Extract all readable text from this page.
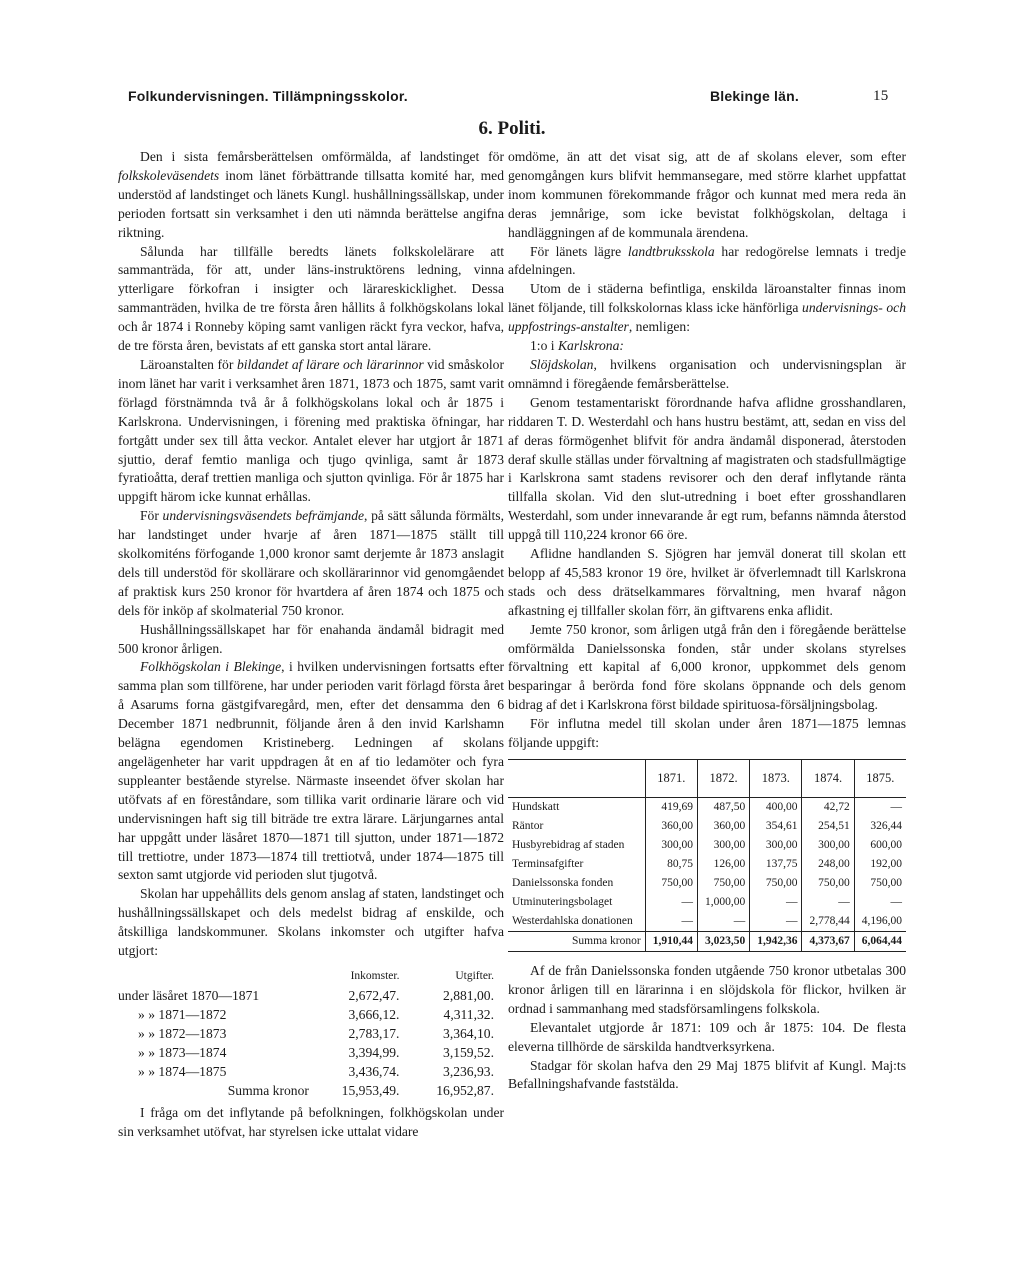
Folkundervisningen. Tillämpningsskolor.	Blekinge län.	15
6. Politi.

Den i sista femårsberättelsen omförmälda, af landstinget för folkskoleväsendets inom länet förbättrande tillsatta komité har, med understöd af landstinget och länets Kungl. hushållningssällskap, under perioden fortsatt sin verksamhet i den uti nämnda berättelse angifna riktning.

Sålunda har tillfälle beredts länets folkskolelärare att sammanträda, för att, under läns-instruktörens ledning, vinna ytterligare förkofran i insigter och lärareskicklighet. Dessa sammanträden, hvilka de tre första åren hållits å folkhögskolans lokal och år 1874 i Ronneby köping samt vanligen räckt fyra veckor, hafva, de tre första åren, bevistats af ett ganska stort antal lärare.

Läroanstalten för bildandet af lärare och lärarinnor vid småskolor inom länet har varit i verksamhet åren 1871, 1873 och 1875, samt varit förlagd förstnämnda två år å folkhögskolans lokal och år 1875 i Karlskrona. Undervisningen, i förening med praktiska öfningar, har fortgått under sex till åtta veckor. Antalet elever har utgjort år 1871 sjuttio, deraf femtio manliga och tjugo qvinliga, samt år 1873 fyratioåtta, deraf trettien manliga och sjutton qvinliga. För år 1875 har uppgift härom icke kunnat erhållas.

För undervisningsväsendets befrämjande, på sätt sålunda förmälts, har landstinget under hvarje af åren 1871—1875 ställt till skolkomiténs förfogande 1,000 kronor samt derjemte år 1873 anslagit dels till understöd för skollärare och skollärarinnor vid genomgåendet af praktisk kurs 250 kronor för hvartdera af åren 1874 och 1875 och dels för inköp af skolmaterial 750 kronor.

Hushållningssällskapet har för enahanda ändamål bidragit med 500 kronor årligen.

Folkhögskolan i Blekinge, i hvilken undervisningen fortsatts efter samma plan som tillförene, har under perioden varit förlagd första året å Asarums forna gästgifvaregård, men, efter det densamma den 6 December 1871 nedbrunnit, följande åren å den invid Karlshamn belägna egendomen Kristineberg. Ledningen af skolans angelägenheter har varit uppdragen åt en af tio ledamöter och fyra suppleanter bestående styrelse. Närmaste inseendet öfver skolan har utöfvats af en föreståndare, som tillika varit ordinarie lärare och vid undervisningen haft sig till biträde tre extra lärare. Lärjungarnes antal har uppgått under läsåret 1870—1871 till sjutton, under 1871—1872 till trettiotre, under 1873—1874 till trettiotvå, under 1874—1875 till sexton samt utgjorde vid perioden slut tjugotvå.

Skolan har uppehållits dels genom anslag af staten, landstinget och hushållningssällskapet och dels medelst bidrag af enskilde, och åtskilliga landskommuner. Skolans inkomster och utgifter hafva utgjort:

	Inkomster.	Utgifter.
under läsåret 1870—1871	2,672,47.	2,881,00.
» » 1871—1872	3,666,12.	4,311,32.
» » 1872—1873	2,783,17.	3,364,10.
» » 1873—1874	3,394,99.	3,159,52.
» » 1874—1875	3,436,74.	3,236,93.
Summa kronor	15,953,49.	16,952,87.

I fråga om det inflytande på befolkningen, folkhögskolan under sin verksamhet utöfvat, har styrelsen icke uttalat vidare

omdöme, än att det visat sig, att de af skolans elever, som efter genomgången kurs blifvit hemmansegare, med större klarhet uppfattat inom kommunen förekommande frågor och kunnat med mera reda än deras jemnårige, som icke bevistat folkhögskolan, deltaga i handläggningen af de kommunala ärendena.

För länets lägre landtbruksskola har redogörelse lemnats i tredje afdelningen.

Utom de i städerna befintliga, enskilda läroanstalter finnas inom länet följande, till folkskolornas klass icke hänförliga undervisnings- och uppfostrings-anstalter, nemligen:

1:o i Karlskrona:

Slöjdskolan, hvilkens organisation och undervisningsplan är omnämnd i föregående femårsberättelse.

Genom testamentariskt förordnande hafva aflidne grosshandlaren, riddaren T. D. Westerdahl och hans hustru bestämt, att, sedan en viss del af deras förmögenhet blifvit för andra ändamål disponerad, återstoden deraf skulle ställas under förvaltning af magistraten och stadsfullmägtige i Karlskrona samt stadens revisorer och den deraf inflytande ränta tillfalla skolan. Vid den slut-utredning i boet efter grosshandlaren Westerdahl, som under innevarande år egt rum, befanns nämnda återstod uppgå till 110,224 kronor 66 öre.

Aflidne handlanden S. Sjögren har jemväl donerat till skolan ett belopp af 45,583 kronor 19 öre, hvilket är öfverlemnadt till Karlskrona stads och dess drätselkammares förvaltning, men hvaraf någon afkastning ej tillfaller skolan förr, än giftvarens enka aflidit.

Jemte 750 kronor, som årligen utgå från den i föregående berättelse omförmälda Danielssonska fonden, står under skolans styrelses förvaltning ett kapital af 6,000 kronor, uppkommet dels genom besparingar å berörda fond före skolans öppnande och dels genom bidrag af det i Karlskrona först bildade spirituosa-försäljningsbolag.

För influtna medel till skolan under åren 1871—1875 lemnas följande uppgift:

	1871.	1872.	1873.	1874.	1875.
Hundskatt	419,69	487,50	400,00	42,72	—
Räntor	360,00	360,00	354,61	254,51	326,44
Husbyrebidrag af staden	300,00	300,00	300,00	300,00	600,00
Terminsafgifter	80,75	126,00	137,75	248,00	192,00
Danielssonska fonden	750,00	750,00	750,00	750,00	750,00
Utminuteringsbolaget	—	1,000,00	—	—	—
Westerdahlska donationen	—	—	—	2,778,44	4,196,00
Summa kronor	1,910,44	3,023,50	1,942,36	4,373,67	6,064,44

Af de från Danielssonska fonden utgående 750 kronor utbetalas 300 kronor årligen till en lärarinna i en slöjdskola för flickor, hvilken är ordnad i sammanhang med stadsförsamlingens folkskola.

Elevantalet utgjorde år 1871: 109 och år 1875: 104. De flesta eleverna tillhörde de särskilda handtverksyrkena.

Stadgar för skolan hafva den 29 Maj 1875 blifvit af Kungl. Maj:ts Befallningshafvande faststälda.
